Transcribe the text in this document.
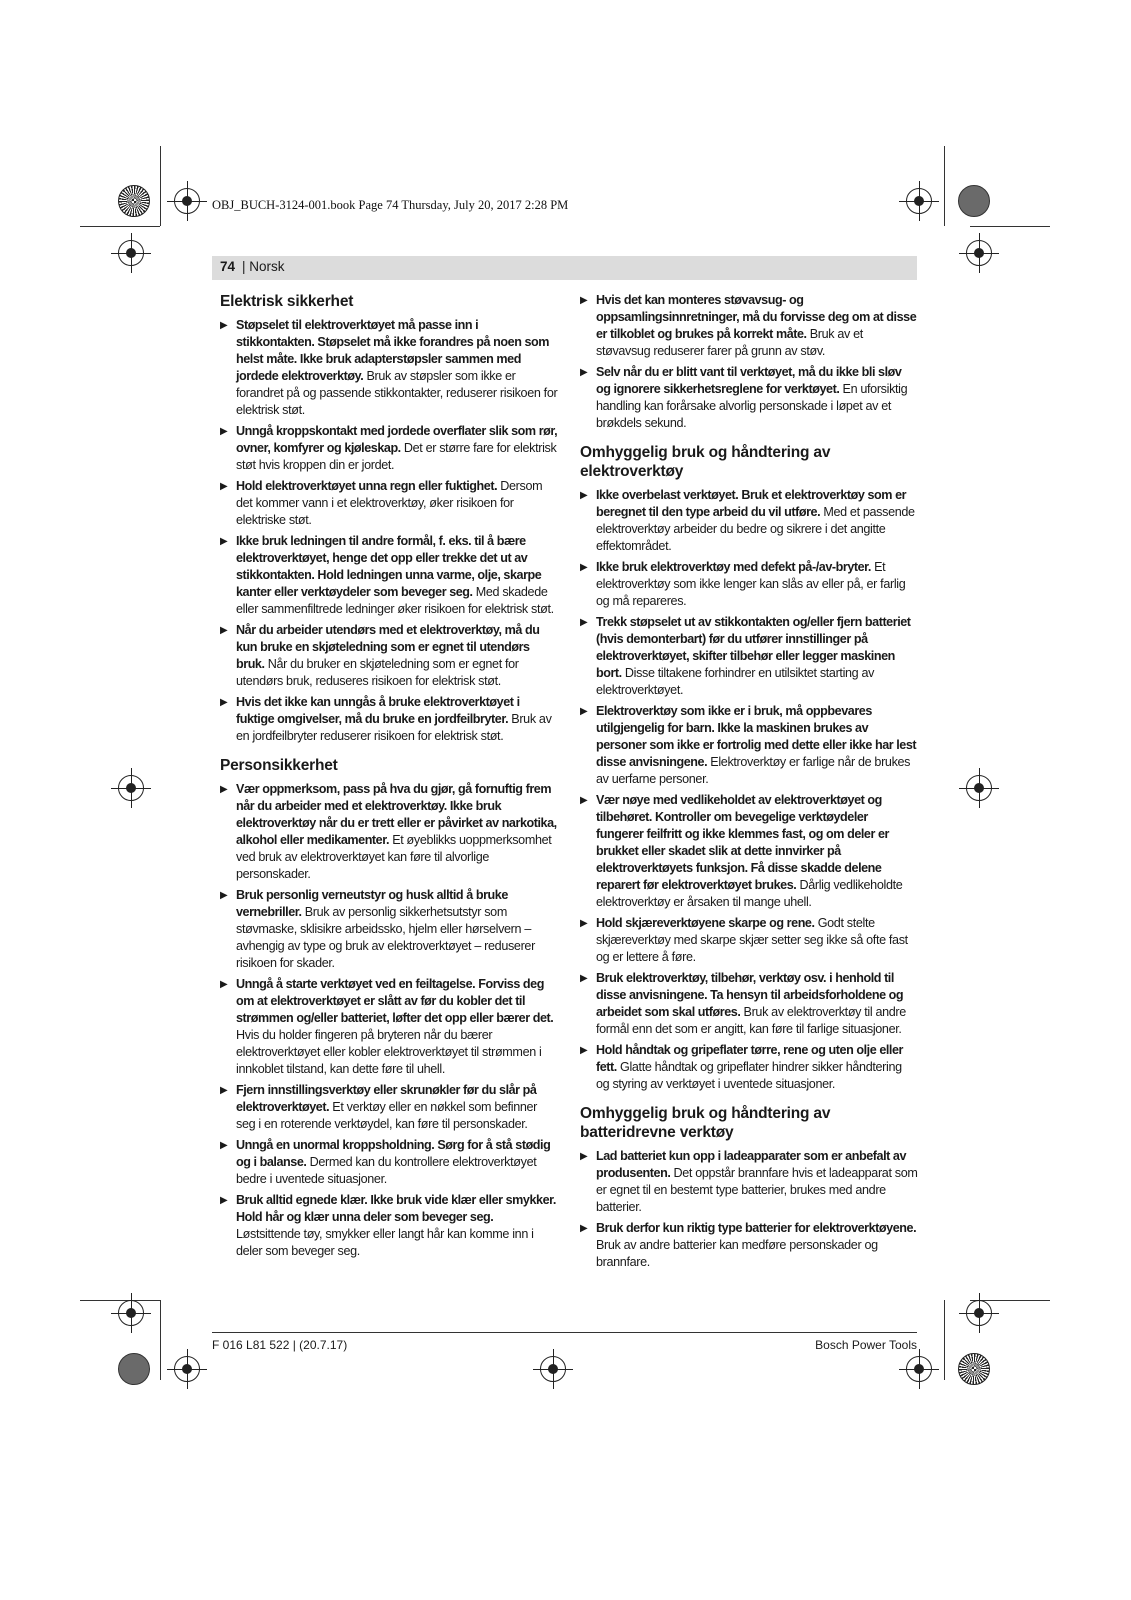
OBJ_BUCH-3124-001.book Page 74 Thursday, July 20, 2017 2:28 PM
74 | Norsk
Elektrisk sikkerhet
▶ Støpselet til elektroverktøyet må passe inn i stikkontakten. Støpselet må ikke forandres på noen som helst måte. Ikke bruk adapterstøpsler sammen med jordede elektroverktøy. Bruk av støpsler som ikke er forandret på og passende stikkontakter, reduserer risikoen for elektrisk støt.
▶ Unngå kroppskontakt med jordede overflater slik som rør, ovner, komfyrer og kjøleskap. Det er større fare for elektrisk støt hvis kroppen din er jordet.
▶ Hold elektroverktøyet unna regn eller fuktighet. Dersom det kommer vann i et elektroverktøy, øker risikoen for elektriske støt.
▶ Ikke bruk ledningen til andre formål, f. eks. til å bære elektroverktøyet, henge det opp eller trekke det ut av stikkontakten. Hold ledningen unna varme, olje, skarpe kanter eller verktøydeler som beveger seg. Med skadede eller sammenfiltrede ledninger øker risikoen for elektrisk støt.
▶ Når du arbeider utendørs med et elektroverktøy, må du kun bruke en skjøteledning som er egnet til utendørs bruk. Når du bruker en skjøteledning som er egnet for utendørs bruk, reduseres risikoen for elektrisk støt.
▶ Hvis det ikke kan unngås å bruke elektroverktøyet i fuktige omgivelser, må du bruke en jordfeilbryter. Bruk av en jordfeilbryter reduserer risikoen for elektrisk støt.
Personsikkerhet
▶ Vær oppmerksom, pass på hva du gjør, gå fornuftig frem når du arbeider med et elektroverktøy. Ikke bruk elektroverktøy når du er trett eller er påvirket av narkotika, alkohol eller medikamenter. Et øyeblikks uoppmerksomhet ved bruk av elektroverktøyet kan føre til alvorlige personskader.
▶ Bruk personlig verneutstyr og husk alltid å bruke vernebriller. Bruk av personlig sikkerhetsutstyr som støvmaske, sklisikre arbeidssko, hjelm eller hørselvern – avhengig av type og bruk av elektroverktøyet – reduserer risikoen for skader.
▶ Unngå å starte verktøyet ved en feiltagelse. Forviss deg om at elektroverktøyet er slått av før du kobler det til strømmen og/eller batteriet, løfter det opp eller bærer det. Hvis du holder fingeren på bryteren når du bærer elektroverktøyet eller kobler elektroverktøyet til strømmen i innkoblet tilstand, kan dette føre til uhell.
▶ Fjern innstillingsverktøy eller skrunøkler før du slår på elektroverktøyet. Et verktøy eller en nøkkel som befinner seg i en roterende verktøydel, kan føre til personskader.
▶ Unngå en unormal kroppsholdning. Sørg for å stå stødig og i balanse. Dermed kan du kontrollere elektroverktøyet bedre i uventede situasjoner.
▶ Bruk alltid egnede klær. Ikke bruk vide klær eller smykker. Hold hår og klær unna deler som beveger seg. Løstsittende tøy, smykker eller langt hår kan komme inn i deler som beveger seg.
▶ Hvis det kan monteres støvavsug- og oppsamlingsinnretninger, må du forvisse deg om at disse er tilkoblet og brukes på korrekt måte. Bruk av et støvavsug reduserer farer på grunn av støv.
▶ Selv når du er blitt vant til verktøyet, må du ikke bli sløv og ignorere sikkerhetsreglene for verktøyet. En uforsiktig handling kan forårsake alvorlig personskade i løpet av et brøkdels sekund.
Omhyggelig bruk og håndtering av elektroverktøy
▶ Ikke overbelast verktøyet. Bruk et elektroverktøy som er beregnet til den type arbeid du vil utføre. Med et passende elektroverktøy arbeider du bedre og sikrere i det angitte effektområdet.
▶ Ikke bruk elektroverktøy med defekt på-/av-bryter. Et elektroverktøy som ikke lenger kan slås av eller på, er farlig og må repareres.
▶ Trekk støpselet ut av stikkontakten og/eller fjern batteriet (hvis demonterbart) før du utfører innstillinger på elektroverktøyet, skifter tilbehør eller legger maskinen bort. Disse tiltakene forhindrer en utilsiktet starting av elektroverktøyet.
▶ Elektroverktøy som ikke er i bruk, må oppbevares utilgjengelig for barn. Ikke la maskinen brukes av personer som ikke er fortrolig med dette eller ikke har lest disse anvisningene. Elektroverktøy er farlige når de brukes av uerfarne personer.
▶ Vær nøye med vedlikeholdet av elektroverktøyet og tilbehøret. Kontroller om bevegelige verktøydeler fungerer feilfritt og ikke klemmes fast, og om deler er brukket eller skadet slik at dette innvirker på elektroverktøyets funksjon. Få disse skadde delene reparert før elektroverktøyet brukes. Dårlig vedlikeholdte elektroverktøy er årsaken til mange uhell.
▶ Hold skjæreverktøyene skarpe og rene. Godt stelte skjæreverktøy med skarpe skjær setter seg ikke så ofte fast og er lettere å føre.
▶ Bruk elektroverktøy, tilbehør, verktøy osv. i henhold til disse anvisningene. Ta hensyn til arbeidsforholdene og arbeidet som skal utføres. Bruk av elektroverktøy til andre formål enn det som er angitt, kan føre til farlige situasjoner.
▶ Hold håndtak og gripeflater tørre, rene og uten olje eller fett. Glatte håndtak og gripeflater hindrer sikker håndtering og styring av verktøyet i uventede situasjoner.
Omhyggelig bruk og håndtering av batteridrevne verktøy
▶ Lad batteriet kun opp i ladeapparater som er anbefalt av produsenten. Det oppstår brannfare hvis et ladeapparat som er egnet til en bestemt type batterier, brukes med andre batterier.
▶ Bruk derfor kun riktig type batterier for elektroverktøyene. Bruk av andre batterier kan medføre personskader og brannfare.
F 016 L81 522 | (20.7.17)	Bosch Power Tools
